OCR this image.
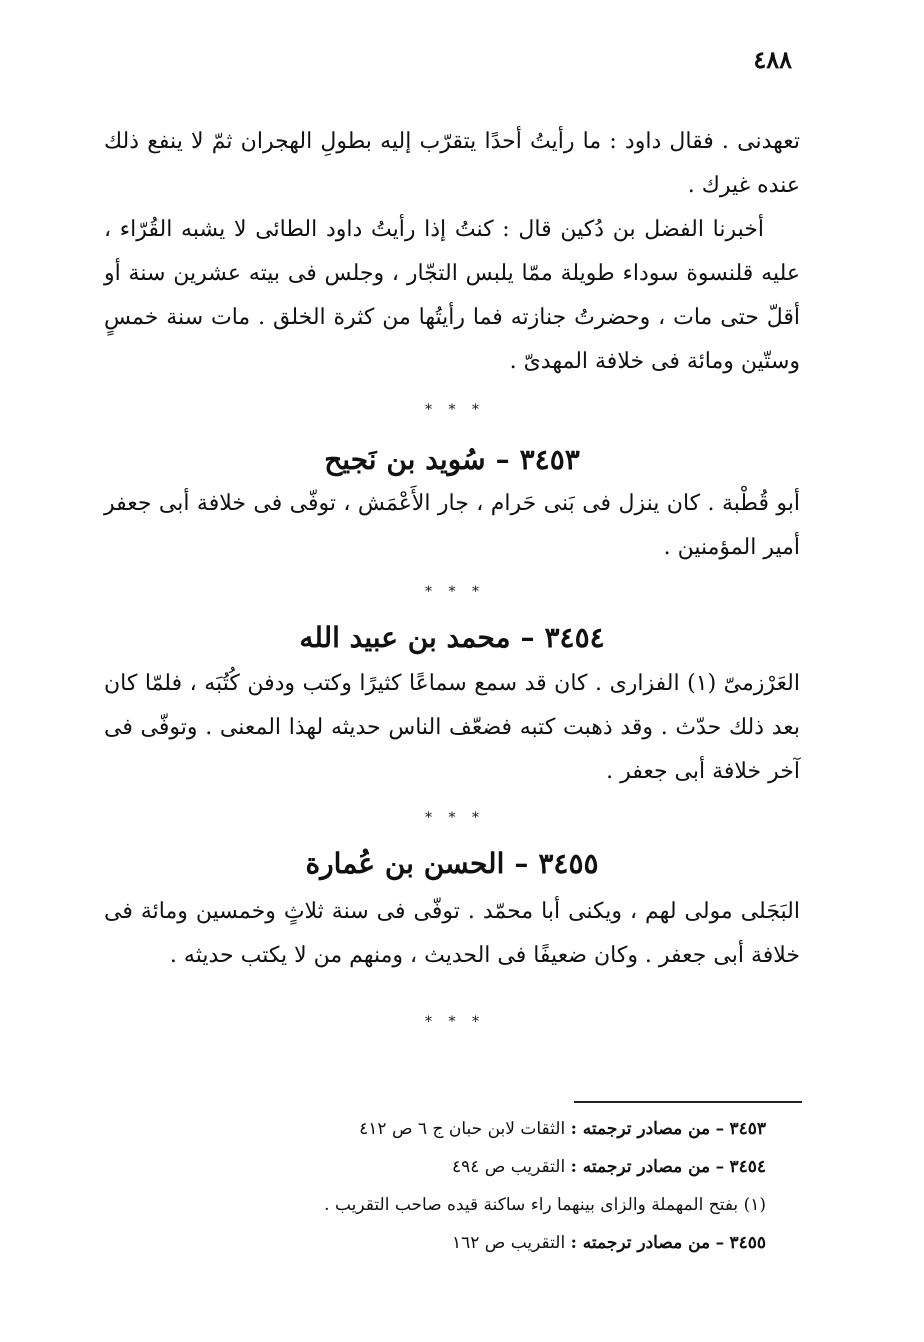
٤٨٨

تعهدنى . فقال داود : ما رأيتُ أحدًا يتقرّب إليه بطولِ الهجران ثمّ لا ينفع ذلك عنده غيرك .

أخبرنا الفضل بن دُكين قال : كنتُ إذا رأيتُ داود الطائى لا يشبه القُرّاء ، عليه قلنسوة سوداء طويلة ممّا يلبس التجّار ، وجلس فى بيته عشرين سنة أو أقلّ حتى مات ، وحضرتُ جنازته فما رأيتُها من كثرة الخلق . مات سنة خمسٍ وستّين ومائة فى خلافة المهدىّ .

* * *
٣٤٥٣–سُويد بن نَجيح

أبو قُطْبة . كان ينزل فى بَنى حَرام ، جار الأَعْمَش ، توفّى فى خلافة أبى جعفر أمير المؤمنين .

* * *
٣٤٥٤–محمد بن عبيد الله

العَرْزمىّ (١) الفزارى . كان قد سمع سماعًا كثيرًا وكتب ودفن كُتُبَه ، فلمّا كان بعد ذلك حدّث . وقد ذهبت كتبه فضعّف الناس حديثه لهذا المعنى . وتوفّى فى آخر خلافة أبى جعفر .

* * *
٣٤٥٥–الحسن بن عُمارة

البَجَلى مولى لهم ، ويكنى أبا محمّد . توفّى فى سنة ثلاثٍ وخمسين ومائة فى خلافة أبى جعفر . وكان ضعيفًا فى الحديث ، ومنهم من لا يكتب حديثه .

* * *

٣٤٥٣ – من مصادر ترجمته : الثقات لابن حبان ج ٦ ص ٤١٢

٣٤٥٤ – من مصادر ترجمته : التقريب ص ٤٩٤

(١) بفتح المهملة والزاى بينهما راء ساكنة قيده صاحب التقريب .

٣٤٥٥ – من مصادر ترجمته : التقريب ص ١٦٢
